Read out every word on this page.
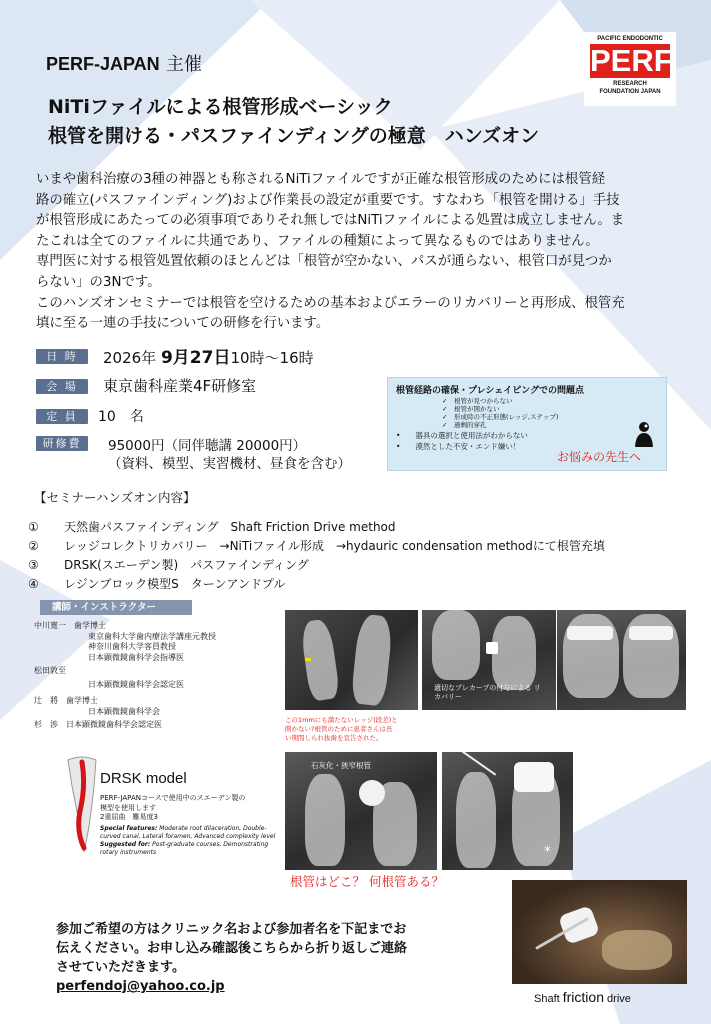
PERF-JAPAN 主催
NiTiファイルによる根管形成ベーシック
根管を開ける・パスファインディングの極意　ハンズオン
PACIFIC ENDODONTIC
PERF
RESEARCH FOUNDATION JAPAN
いまや歯科治療の3種の神器とも称されるNiTiファイルですが正確な根管形成のためには根管経
路の確立(パスファインディング)および作業長の設定が重要です。すなわち「根管を開ける」手技
が根管形成にあたっての必須事項でありそれ無しではNiTiファイルによる処置は成立しません。ま
たこれは全てのファイルに共通であり、ファイルの種類によって異なるものではありません。
専門医に対する根管処置依頼のほとんどは「根管が空かない、パスが通らない、根管口が見つか
らない」の3Nです。
このハンズオンセミナーでは根管を空けるための基本およびエラーのリカバリーと再形成、根管充
填に至る一連の手技についての研修を行います。
日 時	2026年 9月27日10時～16時
会 場	東京歯科産業4F研修室
定 員	10　名
研修費	95000円（同伴聴講 20000円）
（資料、模型、実習機材、昼食を含む）
根管経路の確保・プレシェイピングでの問題点
✓　根管が見つからない
✓　根管が開かない
✓　形成時の不正形態(レッジ,ステップ)
✓　過剰的穿孔
•　　器具の選択と使用法がわからない
•　　漠然とした不安・エンド嫌い！
お悩みの先生へ
【セミナーハンズオン内容】
① 天然歯パスファインディング　Shaft Friction Drive method
② レッジコレクトリカバリー　→NiTiファイル形成　→hydauric condensation methodにて根管充填
③ DRSK(スエーデン製)　パスファインディング
④ レジンブロック模型S　ターンアンドプル
講師・インストラクター
中川寛一　歯学博士
東京歯科大学歯内療法学講座元教授
神奈川歯科大学客員教授
日本顕微鏡歯科学会指導医
松田敦至
日本顕微鏡歯科学会認定医
辻　將　歯学博士
日本顕微鏡歯科学会
杉　渉　日本顕微鏡歯科学会認定医
適切なプレカーブの付与による リカバリー
この1mmにも満たないレッジ(段差)と
開かない?根管のために患者さんは長
い期間しられ抜歯を宣告された。
DRSK model
PERF-JAPANコースで使用中のスエーデン製の
模型を使用します
2重屈曲　難易度3
Special features: Moderate root dilaceration, Double-curved canal, Lateral foramen, Advanced complexity level
Suggested for: Post-graduate courses, Demonstrating rotary instruments
石灰化・狭窄根管
*
根管はどこ？ 何根管ある？
参加ご希望の方はクリニック名および参加者名を下記までお
伝えください。お申し込み確認後こちらから折り返しご連絡
させていただきます。
perfendoj@yahoo.co.jp
Shaft friction drive
